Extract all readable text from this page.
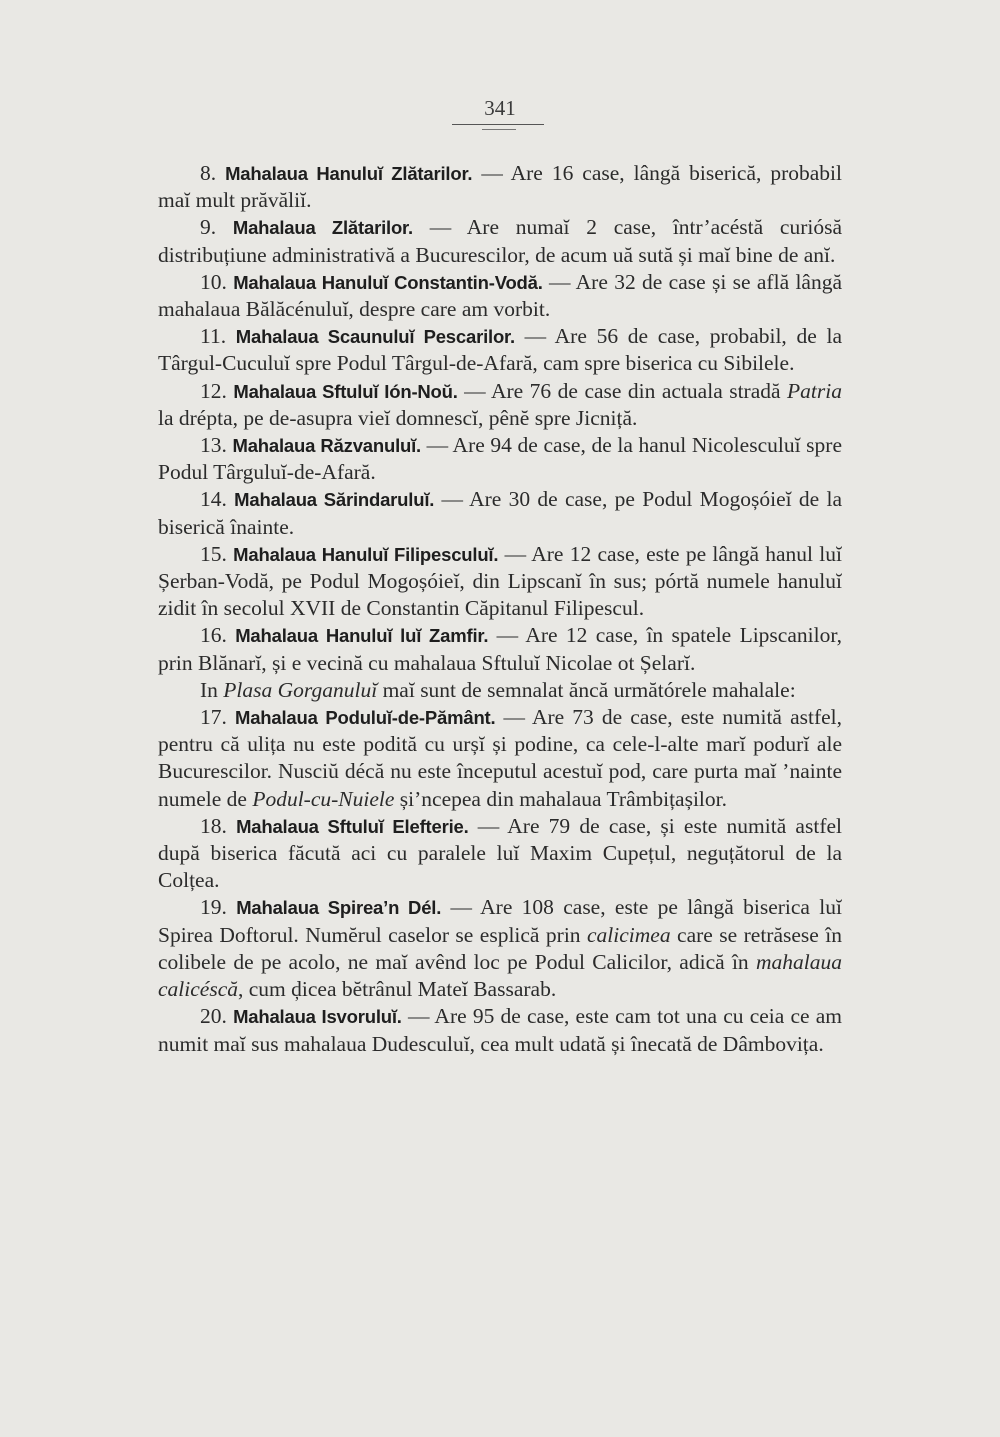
341

8. Mahalaua Hanuluĭ Zlătarilor. — Are 16 case, lângă biserică, probabil maĭ mult prăvăliĭ.

9. Mahalaua Zlătarilor. — Are numaĭ 2 case, într’acéstă curiósă distribuțiune administrativă a Bucurescilor, de acum uă sută și maĭ bine de anĭ.

10. Mahalaua Hanuluĭ Constantin-Vodă. — Are 32 de case și se află lângă mahalaua Bălăcénuluĭ, despre care am vorbit.

11. Mahalaua Scaunuluĭ Pescarilor. — Are 56 de case, probabil, de la Târgul-Cuculuĭ spre Podul Târgul-de-Afară, cam spre biserica cu Sibilele.

12. Mahalaua Sftuluĭ Ión-Noŭ. — Are 76 de case din actuala stradă Patria la drépta, pe de-asupra vieĭ domnescĭ, pênĕ spre Jicniță.

13. Mahalaua Răzvanuluĭ. — Are 94 de case, de la hanul Nicolesculuĭ spre Podul Târguluĭ-de-Afară.

14. Mahalaua Sărindaruluĭ. — Are 30 de case, pe Podul Mogoșóieĭ de la biserică înainte.

15. Mahalaua Hanuluĭ Filipesculuĭ. — Are 12 case, este pe lângă hanul luĭ Șerban-Vodă, pe Podul Mogoșóieĭ, din Lipscanĭ în sus; pórtă numele hanuluĭ zidit în secolul XVII de Constantin Căpitanul Filipescul.

16. Mahalaua Hanuluĭ luĭ Zamfir. — Are 12 case, în spatele Lipscanilor, prin Blănarĭ, și e vecină cu mahalaua Sftuluĭ Nicolae ot Șelarĭ.

In Plasa Gorganuluĭ maĭ sunt de semnalat ăncă următórele mahalale:

17. Mahalaua Poduluĭ-de-Pământ. — Are 73 de case, este numită astfel, pentru că ulița nu este podită cu urșĭ și podine, ca cele-l-alte marĭ podurĭ ale Bucurescilor. Nusciŭ décă nu este începutul acestuĭ pod, care purta maĭ ’nainte numele de Podul-cu-Nuiele și’ncepea din mahalaua Trâmbițașilor.

18. Mahalaua Sftuluĭ Elefterie. — Are 79 de case, și este numită astfel după biserica făcută aci cu paralele luĭ Maxim Cupețul, neguțătorul de la Colțea.

19. Mahalaua Spirea’n Dél. — Are 108 case, este pe lângă biserica luĭ Spirea Doftorul. Numĕrul caselor se esplică prin calicimea care se retrăsese în colibele de pe acolo, ne maĭ avênd loc pe Podul Calicilor, adică în mahalaua calicéscă, cum ḑicea bĕtrânul Mateĭ Bassarab.

20. Mahalaua Isvoruluĭ. — Are 95 de case, este cam tot una cu ceia ce am numit maĭ sus mahalaua Dudesculuĭ, cea mult udată și înecată de Dâmbovița.
